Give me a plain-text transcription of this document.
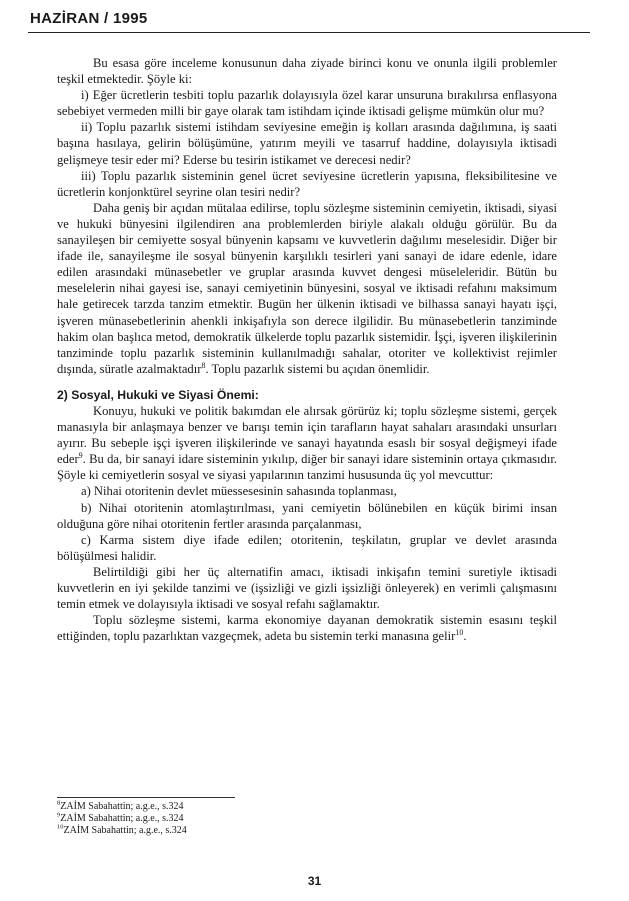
HAZİRAN / 1995

Bu esasa göre inceleme konusunun daha ziyade birinci konu ve onunla ilgili problemler teşkil etmektedir. Şöyle ki:

i) Eğer ücretlerin tesbiti toplu pazarlık dolayısıyla özel karar unsuruna bırakılırsa enflasyona sebebiyet vermeden milli bir gaye olarak tam istihdam içinde iktisadi gelişme mümkün olur mu?

ii) Toplu pazarlık sistemi istihdam seviyesine emeğin iş kolları arasında dağılımına, iş saati başına hasılaya, gelirin bölüşümüne, yatırım meyili ve tasarruf haddine, dolayısıyla iktisadi gelişmeye tesir eder mi? Ederse bu tesirin istikamet ve derecesi nedir?

iii) Toplu pazarlık sisteminin genel ücret seviyesine ücretlerin yapısına, fleksibilitesine ve ücretlerin konjonktürel seyrine olan tesiri nedir?

Daha geniş bir açıdan mütalaa edilirse, toplu sözleşme sisteminin cemiyetin, iktisadi, siyasi ve hukuki bünyesini ilgilendiren ana problemlerden biriyle alakalı olduğu görülür. Bu da sanayileşen bir cemiyette sosyal bünyenin kapsamı ve kuvvetlerin dağılımı meselesidir. Diğer bir ifade ile, sanayileşme ile sosyal bünyenin karşılıklı tesirleri yani sanayi de idare edenle, idare edilen arasındaki münasebetler ve gruplar arasında kuvvet dengesi müseleleridir. Bütün bu meselelerin nihai gayesi ise, sanayi cemiyetinin bünyesini, sosyal ve iktisadi refahını maksimum hale getirecek tarzda tanzim etmektir. Bugün her ülkenin iktisadi ve bilhassa sanayi hayatı işçi, işveren münasebetlerinin ahenkli inkişafıyla son derece ilgilidir. Bu münasebetlerin tanziminde hakim olan başlıca metod, demokratik ülkelerde toplu pazarlık sistemidir. İşçi, işveren ilişkilerinin tanziminde toplu pazarlık sisteminin kullanılmadığı sahalar, otoriter ve kollektivist rejimler dışında, süratle azalmaktadır$^8$. Toplu pazarlık sistemi bu açıdan önemlidir.

2) Sosyal, Hukuki ve Siyasi Önemi:

Konuyu, hukuki ve politik bakımdan ele alırsak görürüz ki; toplu sözleşme sistemi, gerçek manasıyla bir anlaşmaya benzer ve barışı temin için tarafların hayat sahaları arasındaki unsurları ayırır. Bu sebeple işçi işveren ilişkilerinde ve sanayi hayatında esaslı bir sosyal değişmeyi ifade eder$^9$. Bu da, bir sanayi idare sisteminin yıkılıp, diğer bir sanayi idare sisteminin ortaya çıkmasıdır. Şöyle ki cemiyetlerin sosyal ve siyasi yapılarının tanzimi hususunda üç yol mevcuttur:

a) Nihai otoritenin devlet müessesesinin sahasında toplanması,

b) Nihai otoritenin atomlaştırılması, yani cemiyetin bölünebilen en küçük birimi insan olduğuna göre nihai otoritenin fertler arasında parçalanması,

c) Karma sistem diye ifade edilen; otoritenin, teşkilatın, gruplar ve devlet arasında bölüşülmesi halidir.

Belirtildiği gibi her üç alternatifin amacı, iktisadi inkişafın temini suretiyle iktisadi kuvvetlerin en iyi şekilde tanzimi ve (işsizliği ve gizli işsizliği önleyerek) en verimli çalışmasını temin etmek ve dolayısıyla iktisadi ve sosyal refahı sağlamaktır.

Toplu sözleşme sistemi, karma ekonomiye dayanan demokratik sistemin esasını teşkil ettiğinden, toplu pazarlıktan vazgeçmek, adeta bu sistemin terki manasına gelir$^{10}$.

$^8$ZAİM Sabahattin; a.g.e., s.324
$^9$ZAİM Sabahattin; a.g.e., s.324
$^{10}$ZAİM Sabahattin; a.g.e., s.324
31
